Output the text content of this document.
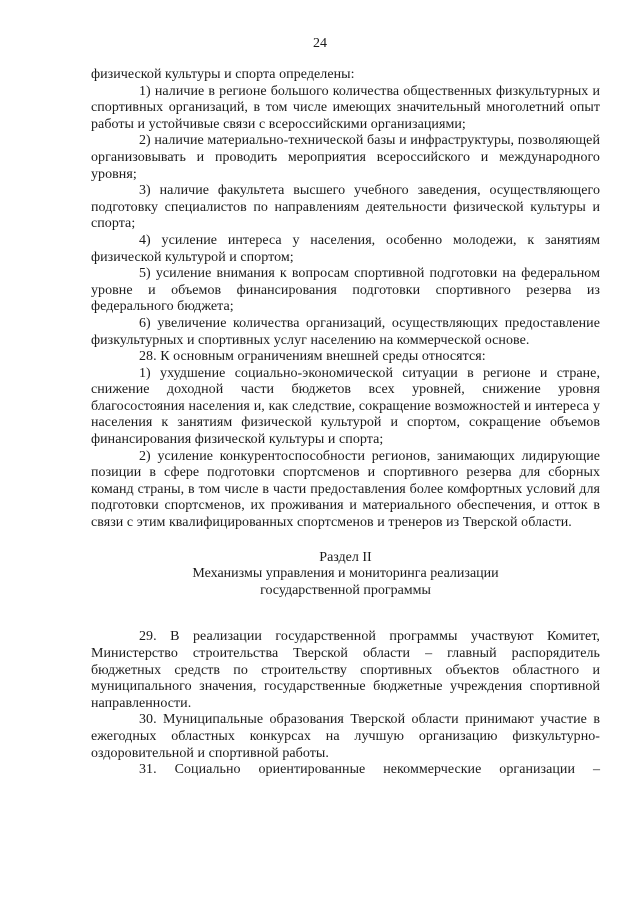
24

физической культуры и спорта определены:

1) наличие в регионе большого количества общественных физкультурных и спортивных организаций, в том числе имеющих значительный многолетний опыт работы и устойчивые связи с всероссийскими организациями;

2) наличие материально-технической базы и инфраструктуры, позволяющей организовывать и проводить мероприятия всероссийского и международного уровня;

3) наличие факультета высшего учебного заведения, осуществляющего подготовку специалистов по направлениям деятельности физической культуры и спорта;

4) усиление интереса у населения, особенно молодежи, к занятиям физической культурой и спортом;

5) усиление внимания к вопросам спортивной подготовки на федеральном уровне и объемов финансирования подготовки спортивного резерва из федерального бюджета;

6) увеличение количества организаций, осуществляющих предоставление физкультурных и спортивных услуг населению на коммерческой основе.

28. К основным ограничениям внешней среды относятся:

1) ухудшение социально-экономической ситуации в регионе и стране, снижение доходной части бюджетов всех уровней, снижение уровня благосостояния населения и, как следствие, сокращение возможностей и интереса у населения к занятиям физической культурой и спортом, сокращение объемов финансирования физической культуры и спорта;

2) усиление конкурентоспособности регионов, занимающих лидирующие позиции в сфере подготовки спортсменов и спортивного резерва для сборных команд страны, в том числе в части предоставления более комфортных условий для подготовки спортсменов, их проживания и материального обеспечения, и отток в связи с этим квалифицированных спортсменов и тренеров из Тверской области.

Раздел II

Механизмы управления и мониторинга реализации

государственной программы

29. В реализации государственной программы участвуют Комитет, Министерство строительства Тверской области – главный распорядитель бюджетных средств по строительству спортивных объектов областного и муниципального значения, государственные бюджетные учреждения спортивной направленности.

30. Муниципальные образования Тверской области принимают участие в ежегодных областных конкурсах на лучшую организацию физкультурно-оздоровительной и спортивной работы.

31. Социально ориентированные некоммерческие организации –
